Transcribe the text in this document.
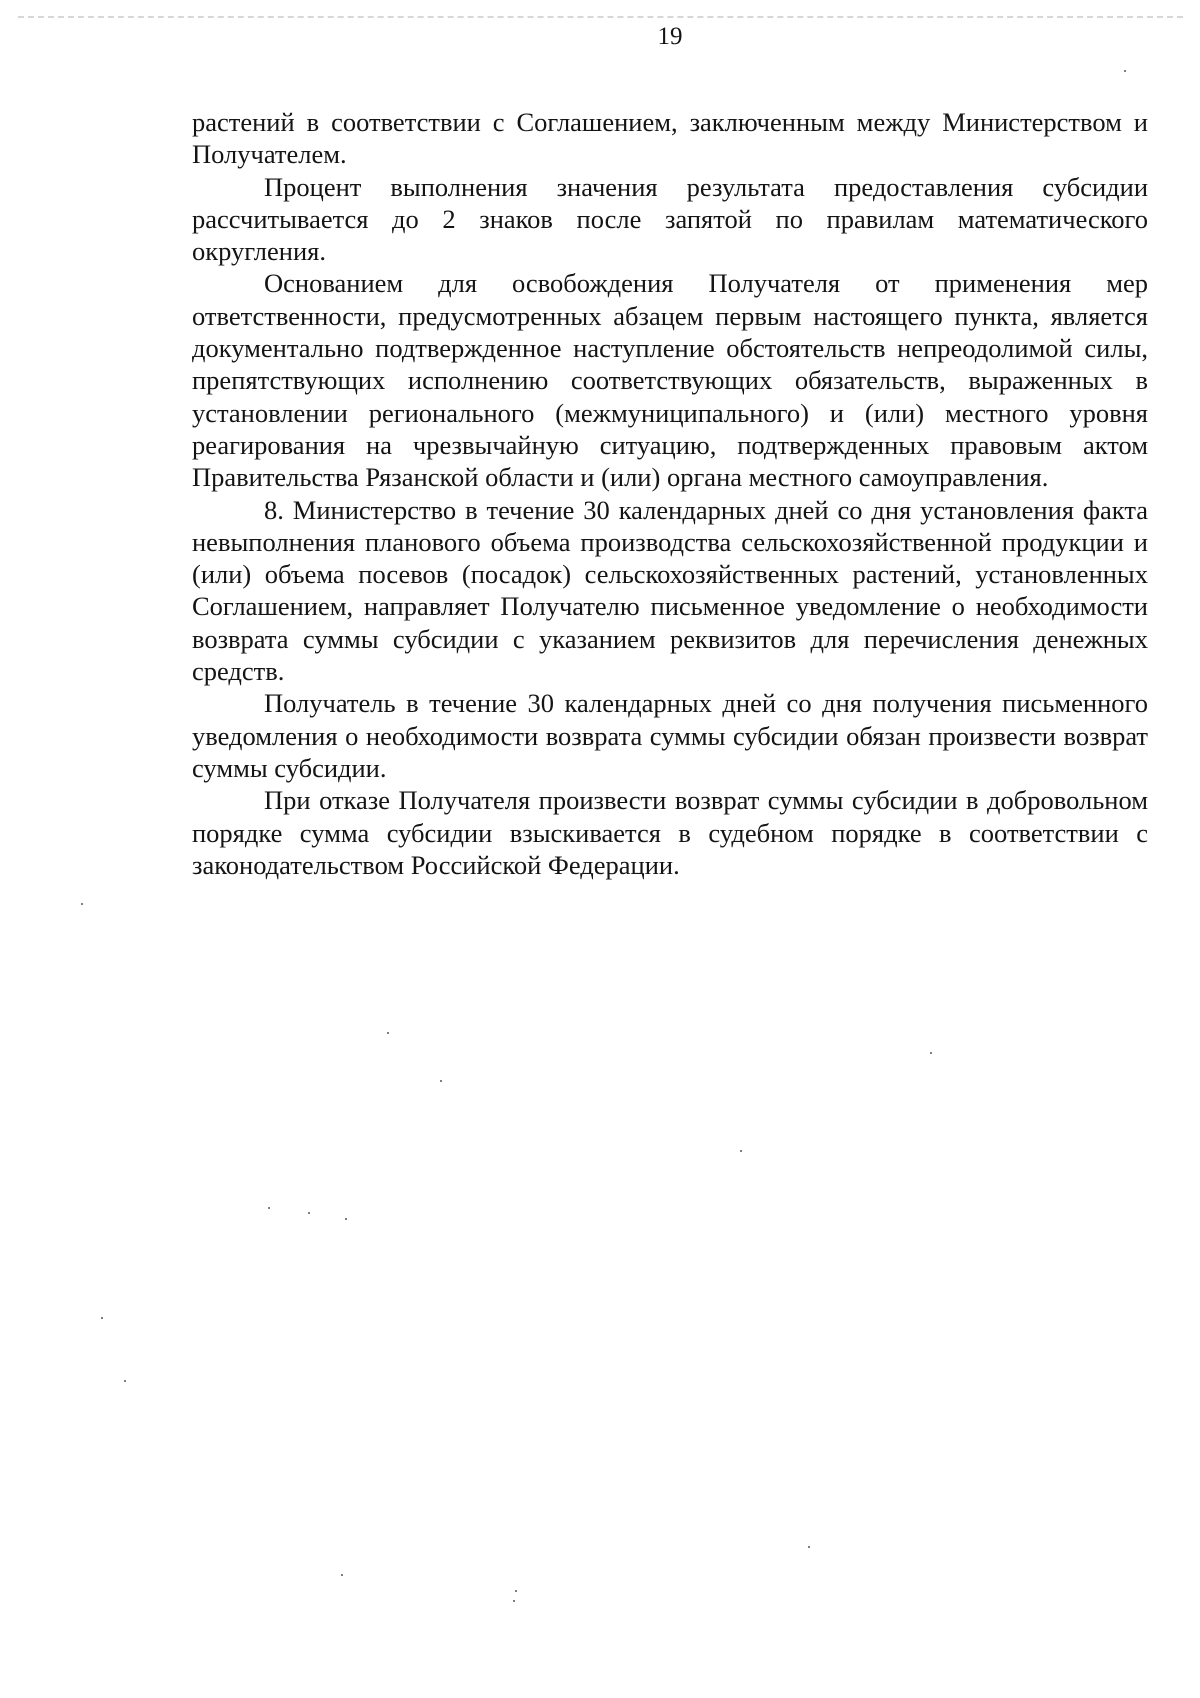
19

растений в соответствии с Соглашением, заключенным между Министерством и Получателем.

Процент выполнения значения результата предоставления субсидии рассчитывается до 2 знаков после запятой по правилам математического округления.

Основанием для освобождения Получателя от применения мер ответственности, предусмотренных абзацем первым настоящего пункта, является документально подтвержденное наступление обстоятельств непреодолимой силы, препятствующих исполнению соответствующих обязательств, выраженных в установлении регионального (межмуниципального) и (или) местного уровня реагирования на чрезвычайную ситуацию, подтвержденных правовым актом Правительства Рязанской области и (или) органа местного самоуправления.

8. Министерство в течение 30 календарных дней со дня установления факта невыполнения планового объема производства сельскохозяйственной продукции и (или) объема посевов (посадок) сельскохозяйственных растений, установленных Соглашением, направляет Получателю письменное уведомление о необходимости возврата суммы субсидии с указанием реквизитов для перечисления денежных средств.

Получатель в течение 30 календарных дней со дня получения письменного уведомления о необходимости возврата суммы субсидии обязан произвести возврат суммы субсидии.

При отказе Получателя произвести возврат суммы субсидии в добровольном порядке сумма субсидии взыскивается в судебном порядке в соответствии с законодательством Российской Федерации.
